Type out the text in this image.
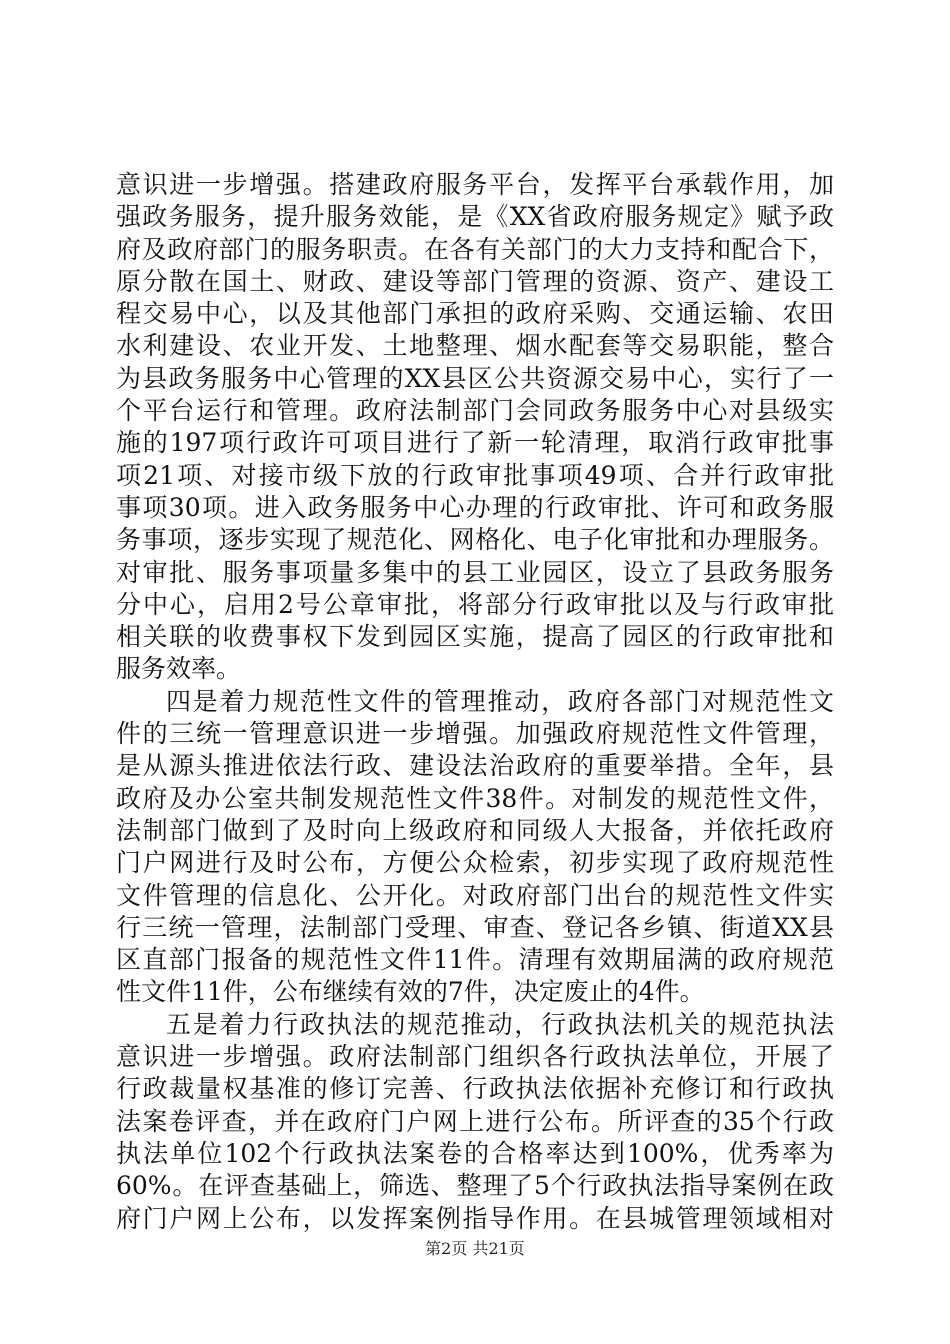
意识进一步增强。搭建政府服务平台，发挥平台承载作用，加
强政务服务，提升服务效能，是《XX省政府服务规定》赋予政
府及政府部门的服务职责。在各有关部门的大力支持和配合下，
原分散在国土、财政、建设等部门管理的资源、资产、建设工
程交易中心，以及其他部门承担的政府采购、交通运输、农田
水利建设、农业开发、土地整理、烟水配套等交易职能，整合
为县政务服务中心管理的XX县区公共资源交易中心，实行了一
个平台运行和管理。政府法制部门会同政务服务中心对县级实
施的197项行政许可项目进行了新一轮清理，取消行政审批事
项21项、对接市级下放的行政审批事项49项、合并行政审批
事项30项。进入政务服务中心办理的行政审批、许可和政务服
务事项，逐步实现了规范化、网格化、电子化审批和办理服务。
对审批、服务事项量多集中的县工业园区，设立了县政务服务
分中心，启用2号公章审批，将部分行政审批以及与行政审批
相关联的收费事权下发到园区实施，提高了园区的行政审批和
服务效率。
四是着力规范性文件的管理推动，政府各部门对规范性文
件的三统一管理意识进一步增强。加强政府规范性文件管理，
是从源头推进依法行政、建设法治政府的重要举措。全年，县
政府及办公室共制发规范性文件38件。对制发的规范性文件，
法制部门做到了及时向上级政府和同级人大报备，并依托政府
门户网进行及时公布，方便公众检索，初步实现了政府规范性
文件管理的信息化、公开化。对政府部门出台的规范性文件实
行三统一管理，法制部门受理、审查、登记各乡镇、街道XX县
区直部门报备的规范性文件11件。清理有效期届满的政府规范
性文件11件，公布继续有效的7件，决定废止的4件。
五是着力行政执法的规范推动，行政执法机关的规范执法
意识进一步增强。政府法制部门组织各行政执法单位，开展了
行政裁量权基准的修订完善、行政执法依据补充修订和行政执
法案卷评查，并在政府门户网上进行公布。所评查的35个行政
执法单位102个行政执法案卷的合格率达到100%，优秀率为
60%。在评查基础上，筛选、整理了5个行政执法指导案例在政
府门户网上公布，以发挥案例指导作用。在县城管理领域相对
第2页 共21页
